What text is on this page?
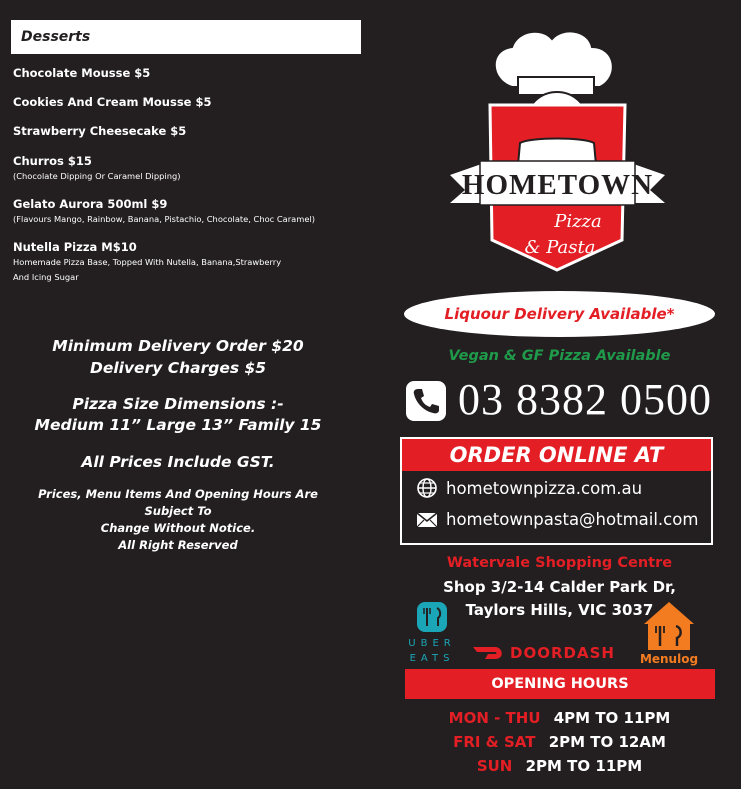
Desserts
Chocolate Mousse $5
Cookies And Cream Mousse $5
Strawberry Cheesecake $5
Churros $15
(Chocolate Dipping Or Caramel Dipping)
Gelato Aurora 500ml $9
(Flavours Mango, Rainbow, Banana, Pistachio, Chocolate, Choc Caramel)
Nutella Pizza M$10
Homemade Pizza Base, Topped With Nutella, Banana,Strawberry
And Icing Sugar
Minimum Delivery Order $20
Delivery Charges $5
Pizza Size Dimensions :-
Medium 11” Large 13” Family 15
All Prices Include GST.
Prices, Menu Items And Opening Hours Are
Subject To
Change Without Notice.
All Right Reserved
HOMETOWN
Pizza
& Pasta
Liquour Delivery Available*
Vegan & GF Pizza Available
03 8382 0500
ORDER ONLINE AT
hometownpizza.com.au
hometownpasta@hotmail.com
Watervale Shopping Centre
Shop 3/2-14 Calder Park Dr,
Taylors Hills, VIC 3037
UBER
EATS	DOORDASH Menulog
OPENING HOURS
MON - THU 4PM TO 11PM
FRI & SAT 2PM TO 12AM
SUN 2PM TO 11PM
